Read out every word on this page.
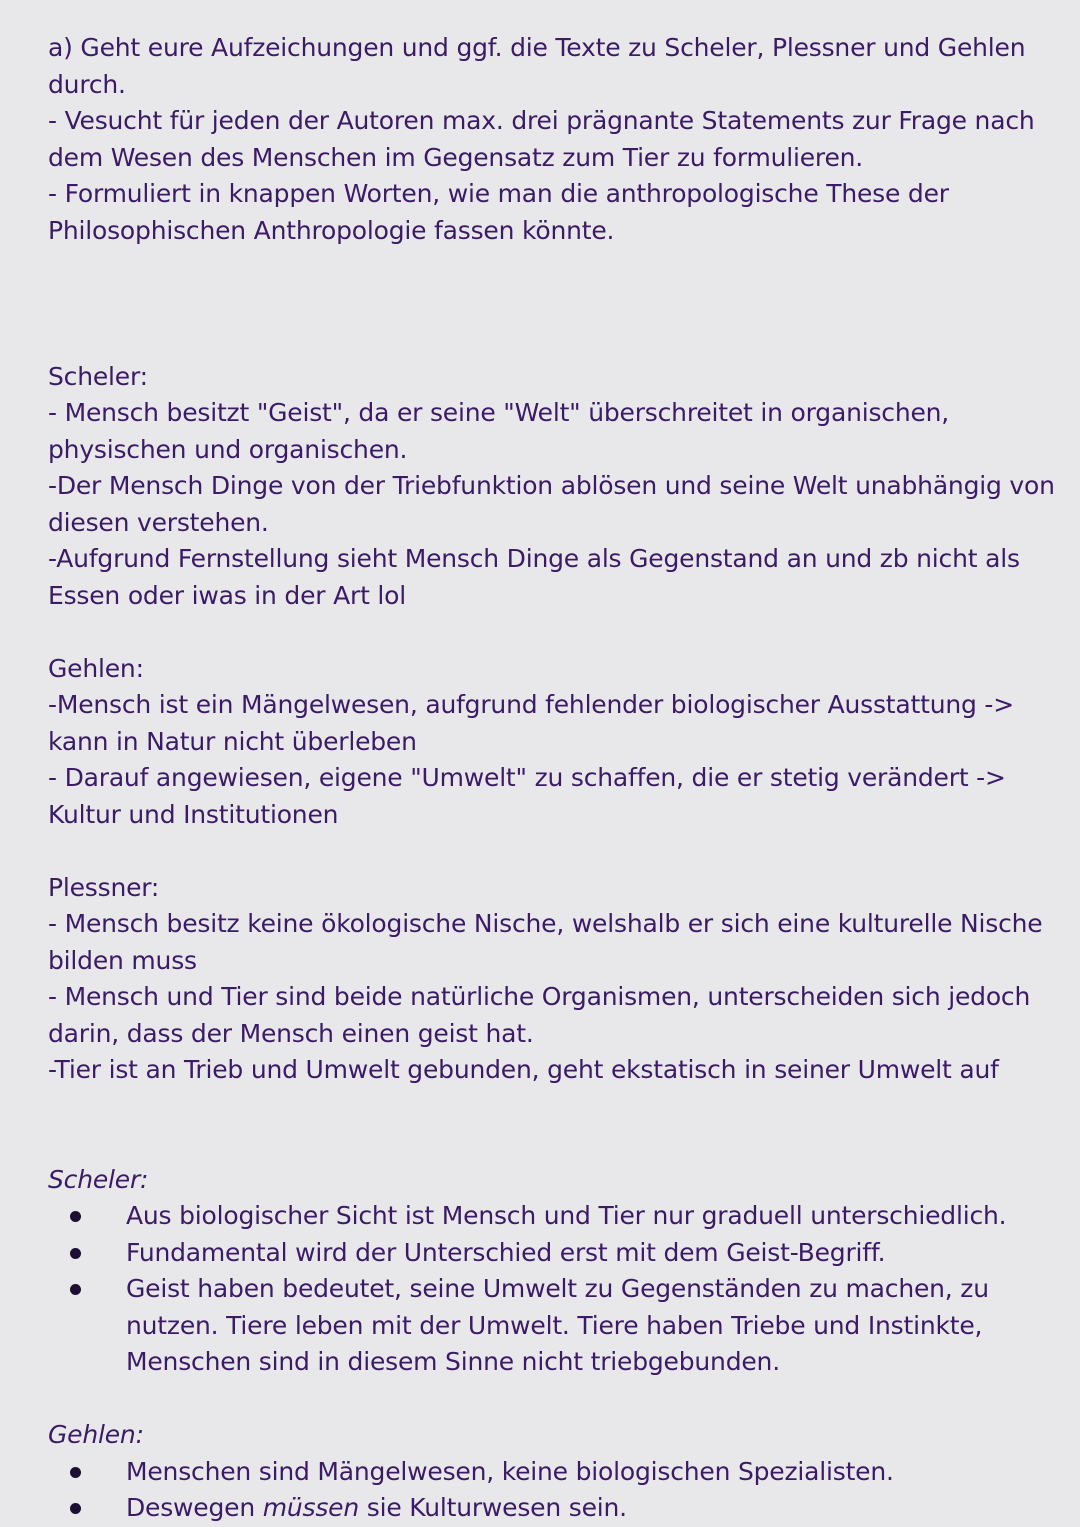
a) Geht eure Aufzeichungen und ggf. die Texte zu Scheler, Plessner und Gehlen
durch.
- Vesucht für jeden der Autoren max. drei prägnante Statements zur Frage nach
dem Wesen des Menschen im Gegensatz zum Tier zu formulieren.
- Formuliert in knappen Worten, wie man die anthropologische These der
Philosophischen Anthropologie fassen könnte.
Scheler:
- Mensch besitzt "Geist", da er seine "Welt" überschreitet in organischen,
physischen und organischen.
-Der Mensch Dinge von der Triebfunktion ablösen und seine Welt unabhängig von
diesen verstehen.
-Aufgrund Fernstellung sieht Mensch Dinge als Gegenstand an und zb nicht als
Essen oder iwas in der Art lol
Gehlen:
-Mensch ist ein Mängelwesen, aufgrund fehlender biologischer Ausstattung ->
kann in Natur nicht überleben
- Darauf angewiesen, eigene "Umwelt" zu schaffen, die er stetig verändert ->
Kultur und Institutionen
Plessner:
- Mensch besitz keine ökologische Nische, welshalb er sich eine kulturelle Nische
bilden muss
- Mensch und Tier sind beide natürliche Organismen, unterscheiden sich jedoch
darin, dass der Mensch einen geist hat.
-Tier ist an Trieb und Umwelt gebunden, geht ekstatisch in seiner Umwelt auf
Scheler:
Aus biologischer Sicht ist Mensch und Tier nur graduell unterschiedlich.
Fundamental wird der Unterschied erst mit dem Geist-Begriff.
Geist haben bedeutet, seine Umwelt zu Gegenständen zu machen, zu
nutzen. Tiere leben mit der Umwelt. Tiere haben Triebe und Instinkte,
Menschen sind in diesem Sinne nicht triebgebunden.
Gehlen:
Menschen sind Mängelwesen, keine biologischen Spezialisten.
Deswegen müssen sie Kulturwesen sein.
